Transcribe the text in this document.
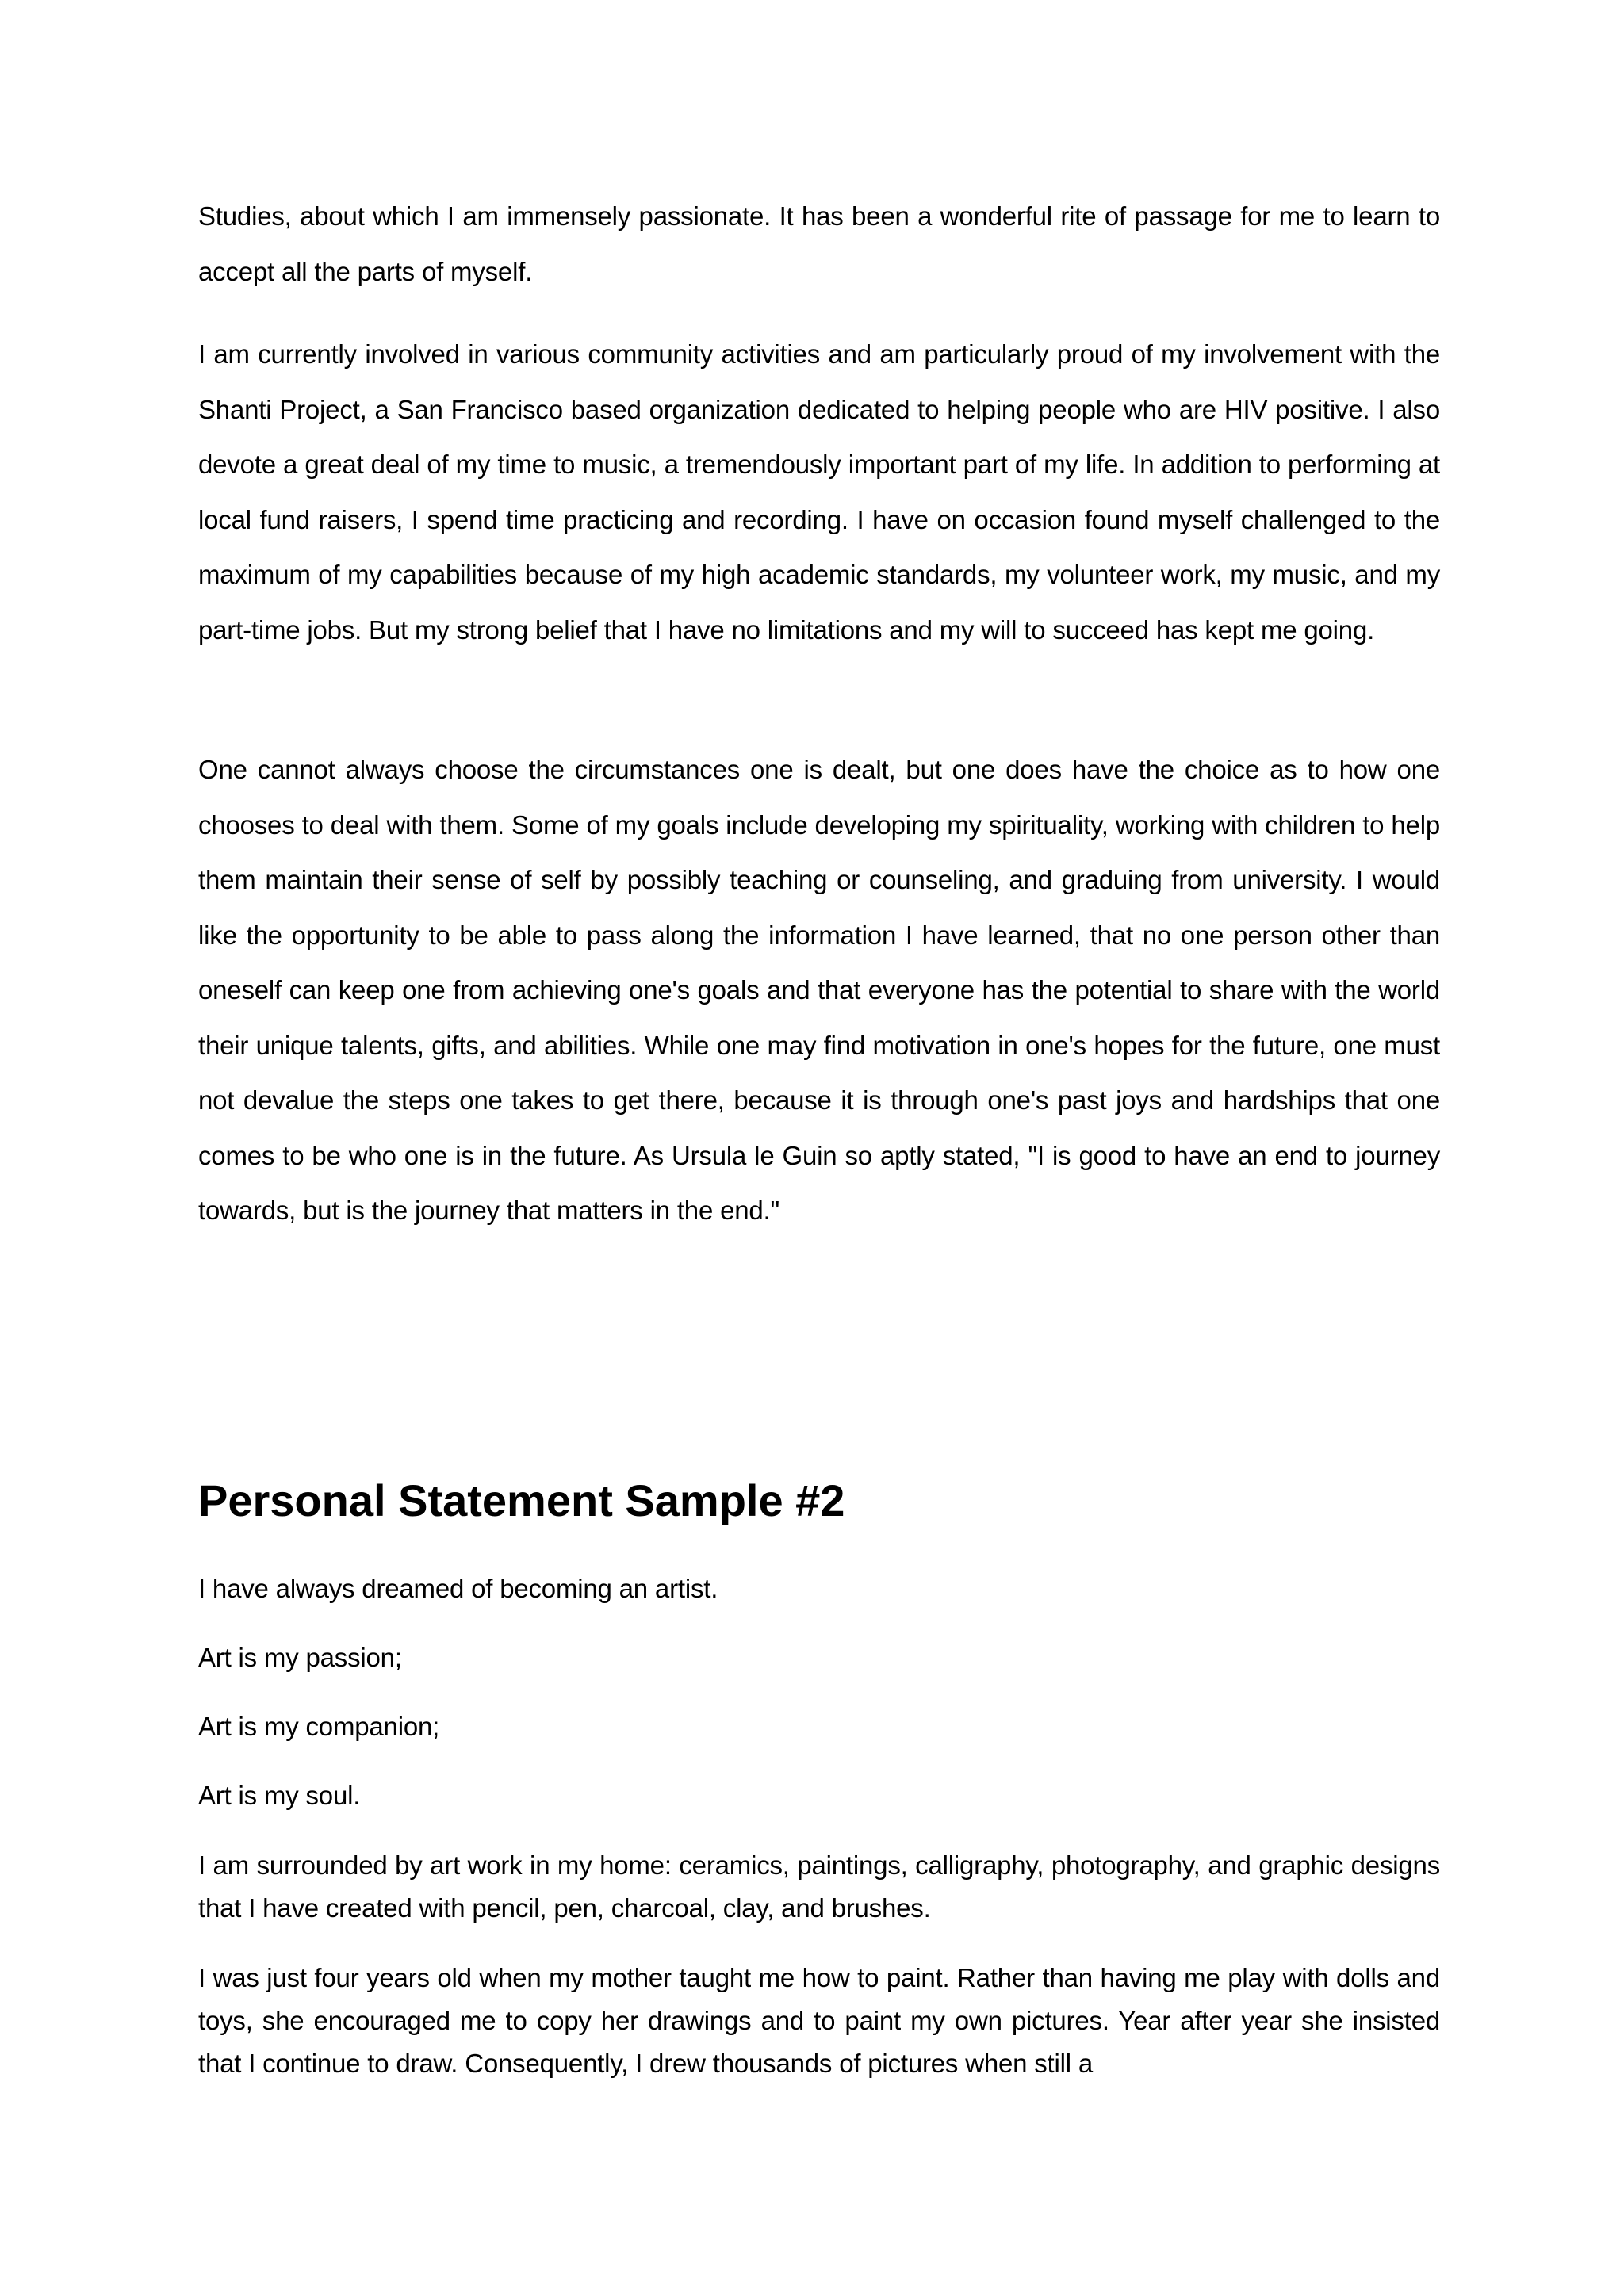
Studies, about which I am immensely passionate. It has been a wonderful rite of passage for me to learn to accept all the parts of myself.

I am currently involved in various community activities and am particularly proud of my involvement with the Shanti Project, a San Francisco based organization dedicated to helping people who are HIV positive. I also devote a great deal of my time to music, a tremendously important part of my life. In addition to performing at local fund raisers, I spend time practicing and recording. I have on occasion found myself challenged to the maximum of my capabilities because of my high academic standards, my volunteer work, my music, and my part-time jobs. But my strong belief that I have no limitations and my will to succeed has kept me going.

One cannot always choose the circumstances one is dealt, but one does have the choice as to how one chooses to deal with them. Some of my goals include developing my spirituality, working with children to help them maintain their sense of self by possibly teaching or counseling, and graduing from university. I would like the opportunity to be able to pass along the information I have learned, that no one person other than oneself can keep one from achieving one's goals and that everyone has the potential to share with the world their unique talents, gifts, and abilities. While one may find motivation in one's hopes for the future, one must not devalue the steps one takes to get there, because it is through one's past joys and hardships that one comes to be who one is in the future. As Ursula le Guin so aptly stated, "I is good to have an end to journey towards, but is the journey that matters in the end."

Personal Statement Sample #2

I have always dreamed of becoming an artist.

Art is my passion;

Art is my companion;

Art is my soul.

I am surrounded by art work in my home: ceramics, paintings, calligraphy, photography, and graphic designs that I have created with pencil, pen, charcoal, clay, and brushes.

I was just four years old when my mother taught me how to paint. Rather than having me play with dolls and toys, she encouraged me to copy her drawings and to paint my own pictures. Year after year she insisted that I continue to draw. Consequently, I drew thousands of pictures when still a
